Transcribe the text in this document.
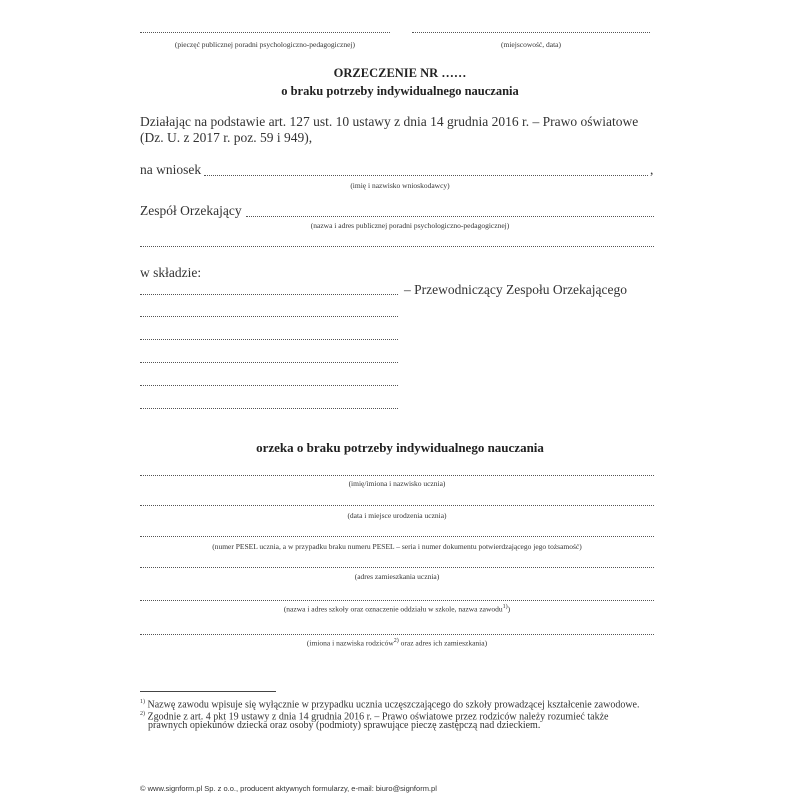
(pieczęć publicznej poradni psychologiczno-pedagogicznej)	(miejscowość, data)
ORZECZENIE NR ……
o braku potrzeby indywidualnego nauczania
Działając na podstawie art. 127 ust. 10 ustawy z dnia 14 grudnia 2016 r. – Prawo oświatowe
(Dz. U. z 2017 r. poz. 59 i 949),
na wniosek	,
(imię i nazwisko wnioskodawcy)
Zespół Orzekający
(nazwa i adres publicznej poradni psychologiczno-pedagogicznej)
w składzie:
– Przewodniczący Zespołu Orzekającego
orzeka o braku potrzeby indywidualnego nauczania
(imię/imiona i nazwisko ucznia)
(data i miejsce urodzenia ucznia)
(numer PESEL ucznia, a w przypadku braku numeru PESEL – seria i numer dokumentu potwierdzającego jego tożsamość)
(adres zamieszkania ucznia)
(nazwa i adres szkoły oraz oznaczenie oddziału w szkole, nazwa zawodu$^{1)}$)
(imiona i nazwiska rodziców$^{2)}$ oraz adres ich zamieszkania)
$^{1)}$ Nazwę zawodu wpisuje się wyłącznie w przypadku ucznia uczęszczającego do szkoły prowadzącej kształcenie zawodowe.
$^{2)}$ Zgodnie z art. 4 pkt 19 ustawy z dnia 14 grudnia 2016 r. – Prawo oświatowe przez rodziców należy rozumieć także
prawnych opiekunów dziecka oraz osoby (podmioty) sprawujące pieczę zastępczą nad dzieckiem.
© www.signform.pl Sp. z o.o., producent aktywnych formularzy, e-mail: biuro@signform.pl
